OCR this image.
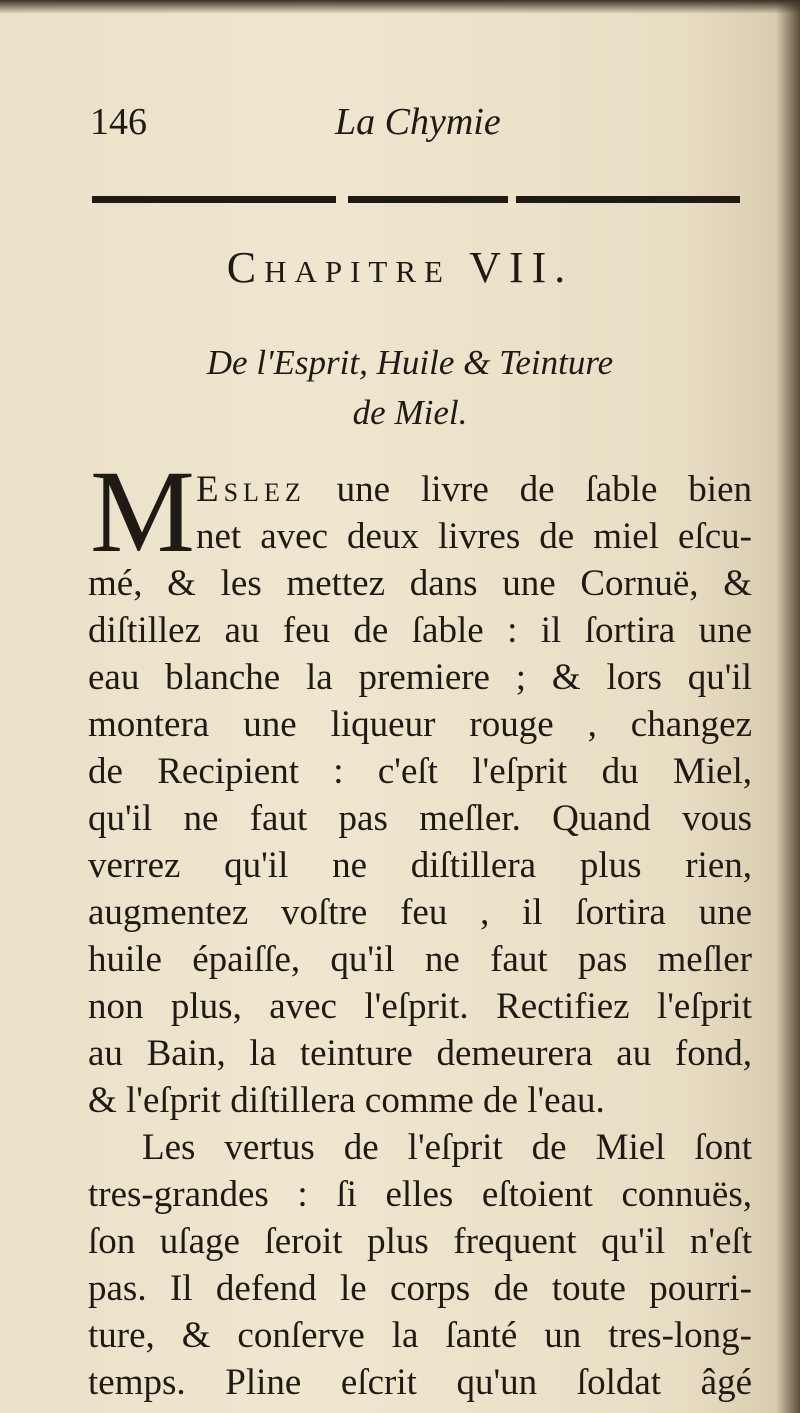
146	La Chymie
Chapitre VII.
De l'Esprit, Huile & Teinture
de Miel.
M Eslez une livre de ſable bien
net avec deux livres de miel eſcu-
mé, & les mettez dans une Cornuë, &
diſtillez au feu de ſable : il ſortira une
eau blanche la premiere ; & lors qu'il
montera une liqueur rouge , changez
de Recipient : c'eſt l'eſprit du Miel,
qu'il ne faut pas meſler. Quand vous
verrez qu'il ne diſtillera plus rien,
augmentez voſtre feu , il ſortira une
huile épaiſſe, qu'il ne faut pas meſler
non plus, avec l'eſprit. Rectifiez l'eſprit
au Bain, la teinture demeurera au fond,
& l'eſprit diſtillera comme de l'eau.
Les vertus de l'eſprit de Miel ſont
tres-grandes : ſi elles eſtoient connuës,
ſon uſage ſeroit plus frequent qu'il n'eſt
pas. Il defend le corps de toute pourri-
ture, & conſerve la ſanté un tres-long-
temps. Pline eſcrit qu'un ſoldat âgé
